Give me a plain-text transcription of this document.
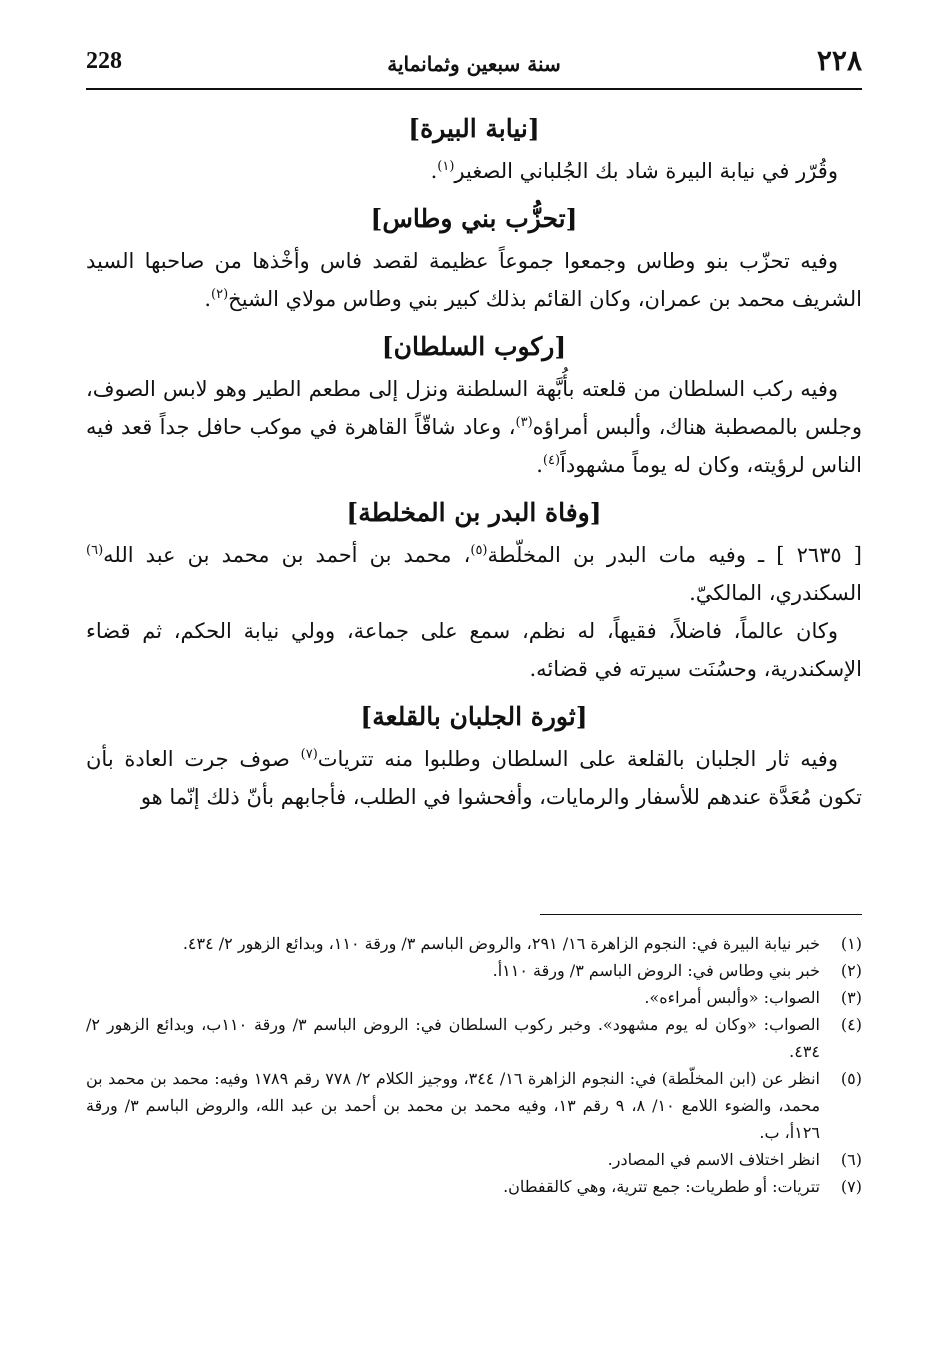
228	سنة سبعين وثمانماية	٢٢٨
[نيابة البيرة]

وقُرّر في نيابة البيرة شاد بك الجُلباني الصغير$^{(١)}$.

[تحزُّب بني وطاس]

وفيه تحزّب بنو وطاس وجمعوا جموعاً عظيمة لقصد فاس وأخْذها من صاحبها السيد الشريف محمد بن عمران، وكان القائم بذلك كبير بني وطاس مولاي الشيخ$^{(٢)}$.

[ركوب السلطان]

وفيه ركب السلطان من قلعته بأُبَّهة السلطنة ونزل إلى مطعم الطير وهو لابس الصوف، وجلس بالمصطبة هناك، وألبس أمراؤه$^{(٣)}$، وعاد شاقّاً القاهرة في موكب حافل جداً قعد فيه الناس لرؤيته، وكان له يوماً مشهوداً$^{(٤)}$.

[وفاة البدر بن المخلطة]

[ ٢٦٣٥ ] ـ وفيه مات البدر بن المخلّطة$^{(٥)}$، محمد بن أحمد بن محمد بن عبد الله$^{(٦)}$ السكندري، المالكيّ.

وكان عالماً، فاضلاً، فقيهاً، له نظم، سمع على جماعة، وولي نيابة الحكم، ثم قضاء الإسكندرية، وحسُنَت سيرته في قضائه.

[ثورة الجلبان بالقلعة]

وفيه ثار الجلبان بالقلعة على السلطان وطلبوا منه تتريات$^{(٧)}$ صوف جرت العادة بأن تكون مُعَدَّة عندهم للأسفار والرمايات، وأفحشوا في الطلب، فأجابهم بأنّ ذلك إنّما هو

(١)
خبر نيابة البيرة في: النجوم الزاهرة ١٦/ ٢٩١، والروض الباسم ٣/ ورقة ١١٠، وبدائع الزهور ٢/ ٤٣٤.
(٢)
خبر بني وطاس في: الروض الباسم ٣/ ورقة ١١٠أ.
(٣)
الصواب: «وألبس أمراءه».
(٤)
الصواب: «وكان له يوم مشهود». وخبر ركوب السلطان في: الروض الباسم ٣/ ورقة ١١٠ب، وبدائع الزهور ٢/ ٤٣٤.
(٥)
انظر عن (ابن المخلّطة) في: النجوم الزاهرة ١٦/ ٣٤٤، ووجيز الكلام ٢/ ٧٧٨ رقم ١٧٨٩ وفيه: محمد بن محمد بن محمد، والضوء اللامع ١٠/ ٨، ٩ رقم ١٣، وفيه محمد بن محمد بن أحمد بن عبد الله، والروض الباسم ٣/ ورقة ١٢٦أ، ب.
(٦)
انظر اختلاف الاسم في المصادر.
(٧)
تتريات: أو ططريات: جمع تترية، وهي كالقفطان.
